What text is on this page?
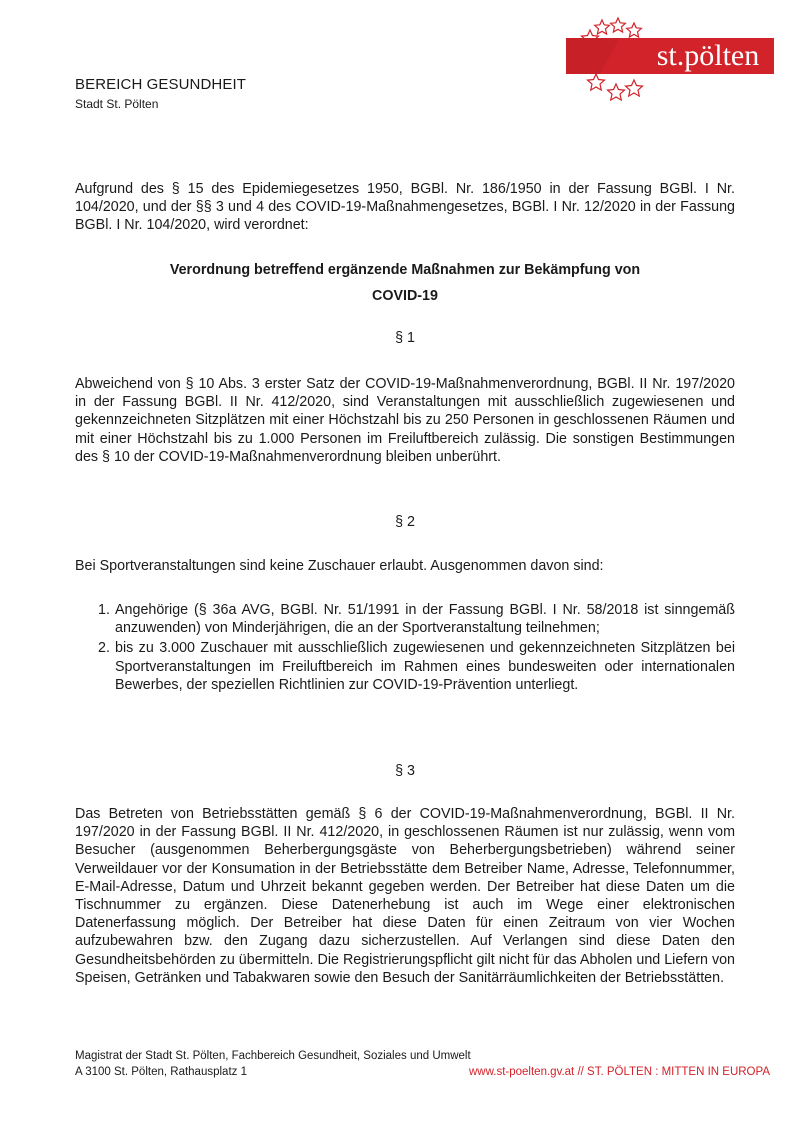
BEREICH GESUNDHEIT
Stadt St. Pölten
st.pölten
Aufgrund des § 15 des Epidemiegesetzes 1950, BGBl. Nr. 186/1950 in der Fassung BGBl. I Nr. 104/2020, und der §§ 3 und 4 des COVID-19-Maßnahmengesetzes, BGBl. I Nr. 12/2020 in der Fassung BGBl. I Nr. 104/2020, wird verordnet:
Verordnung betreffend ergänzende Maßnahmen zur Bekämpfung von
COVID-19
§ 1
Abweichend von § 10 Abs. 3 erster Satz der COVID-19-Maßnahmenverordnung, BGBl. II Nr. 197/2020 in der Fassung BGBl. II Nr. 412/2020, sind Veranstaltungen mit ausschließlich zugewiesenen und gekennzeichneten Sitzplätzen mit einer Höchstzahl bis zu 250 Personen in geschlossenen Räumen und mit einer Höchstzahl bis zu 1.000 Personen im Freiluftbereich zulässig. Die sonstigen Bestimmungen des § 10 der COVID-19-Maßnahmenverordnung bleiben unberührt.
§ 2
Bei Sportveranstaltungen sind keine Zuschauer erlaubt. Ausgenommen davon sind:
1. Angehörige (§ 36a AVG, BGBl. Nr. 51/1991 in der Fassung BGBl. I Nr. 58/2018 ist sinngemäß anzuwenden) von Minderjährigen, die an der Sportveranstaltung teilnehmen;
2. bis zu 3.000 Zuschauer mit ausschließlich zugewiesenen und gekennzeichneten Sitzplätzen bei Sportveranstaltungen im Freiluftbereich im Rahmen eines bundesweiten oder internationalen Bewerbes, der speziellen Richtlinien zur COVID-19-Prävention unterliegt.
§ 3
Das Betreten von Betriebsstätten gemäß § 6 der COVID-19-Maßnahmenverordnung, BGBl. II Nr. 197/2020 in der Fassung BGBl. II Nr. 412/2020, in geschlossenen Räumen ist nur zulässig, wenn vom Besucher (ausgenommen Beherbergungsgäste von Beherbergungsbetrieben) während seiner Verweildauer vor der Konsumation in der Betriebsstätte dem Betreiber Name, Adresse, Telefonnummer, E-Mail-Adresse, Datum und Uhrzeit bekannt gegeben werden. Der Betreiber hat diese Daten um die Tischnummer zu ergänzen. Diese Datenerhebung ist auch im Wege einer elektronischen Datenerfassung möglich. Der Betreiber hat diese Daten für einen Zeitraum von vier Wochen aufzubewahren bzw. den Zugang dazu sicherzustellen. Auf Verlangen sind diese Daten den Gesundheitsbehörden zu übermitteln. Die Registrierungspflicht gilt nicht für das Abholen und Liefern von Speisen, Getränken und Tabakwaren sowie den Besuch der Sanitärräumlichkeiten der Betriebsstätten.
Magistrat der Stadt St. Pölten, Fachbereich Gesundheit, Soziales und Umwelt
A 3100 St. Pölten, Rathausplatz 1	www.st-poelten.gv.at // ST. PÖLTEN : MITTEN IN EUROPA
